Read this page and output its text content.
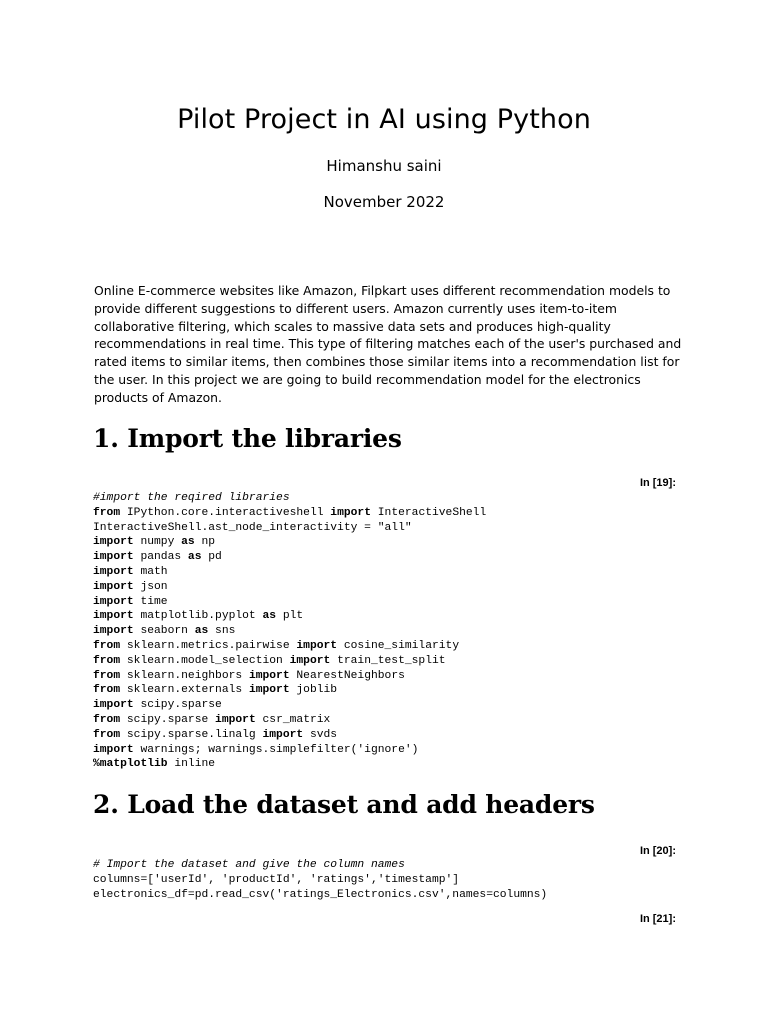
Pilot Project in AI using Python
Himanshu saini
November 2022

Online E-commerce websites like Amazon, Filpkart uses different recommendation models to provide different suggestions to different users. Amazon currently uses item-to-item collaborative filtering, which scales to massive data sets and produces high-quality recommendations in real time. This type of filtering matches each of the user's purchased and rated items to similar items, then combines those similar items into a recommendation list for the user. In this project we are going to build recommendation model for the electronics products of Amazon.

1. Import the libraries
In [19]:
#import the reqired libraries
from IPython.core.interactiveshell import InteractiveShell
InteractiveShell.ast_node_interactivity = "all"
import numpy as np
import pandas as pd
import math
import json
import time
import matplotlib.pyplot as plt
import seaborn as sns
from sklearn.metrics.pairwise import cosine_similarity
from sklearn.model_selection import train_test_split
from sklearn.neighbors import NearestNeighbors
from sklearn.externals import joblib
import scipy.sparse
from scipy.sparse import csr_matrix
from scipy.sparse.linalg import svds
import warnings; warnings.simplefilter('ignore')
%matplotlib inline
2. Load the dataset and add headers
In [20]:
# Import the dataset and give the column names
columns=['userId', 'productId', 'ratings','timestamp']
electronics_df=pd.read_csv('ratings_Electronics.csv',names=columns)
In [21]:
